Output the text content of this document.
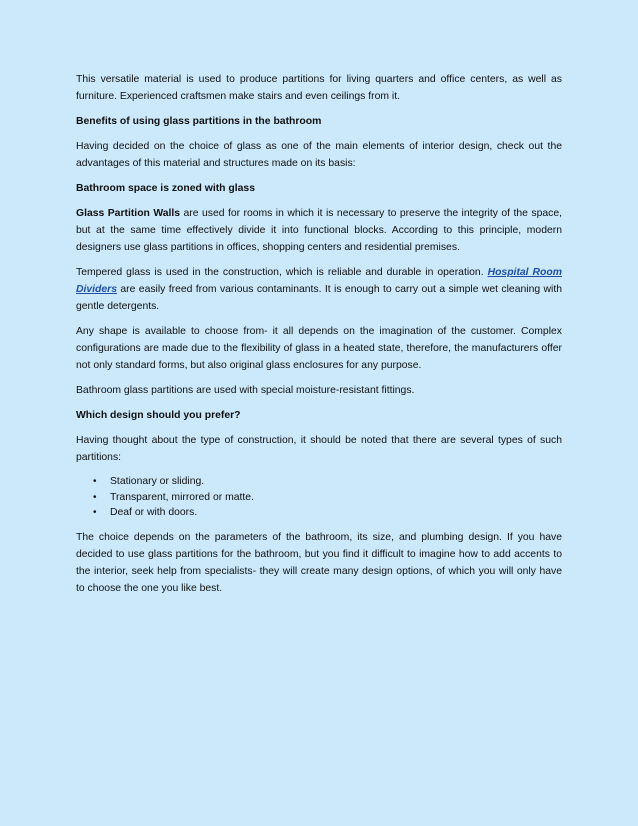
This versatile material is used to produce partitions for living quarters and office centers, as well as furniture. Experienced craftsmen make stairs and even ceilings from it.

Benefits of using glass partitions in the bathroom

Having decided on the choice of glass as one of the main elements of interior design, check out the advantages of this material and structures made on its basis:

Bathroom space is zoned with glass

Glass Partition Walls are used for rooms in which it is necessary to preserve the integrity of the space, but at the same time effectively divide it into functional blocks. According to this principle, modern designers use glass partitions in offices, shopping centers and residential premises.

Tempered glass is used in the construction, which is reliable and durable in operation. Hospital Room Dividers are easily freed from various contaminants. It is enough to carry out a simple wet cleaning with gentle detergents.

Any shape is available to choose from- it all depends on the imagination of the customer. Complex configurations are made due to the flexibility of glass in a heated state, therefore, the manufacturers offer not only standard forms, but also original glass enclosures for any purpose.

Bathroom glass partitions are used with special moisture-resistant fittings.

Which design should you prefer?

Having thought about the type of construction, it should be noted that there are several types of such partitions:

• Stationary or sliding.
• Transparent, mirrored or matte.
• Deaf or with doors.

The choice depends on the parameters of the bathroom, its size, and plumbing design. If you have decided to use glass partitions for the bathroom, but you find it difficult to imagine how to add accents to the interior, seek help from specialists- they will create many design options, of which you will only have to choose the one you like best.
